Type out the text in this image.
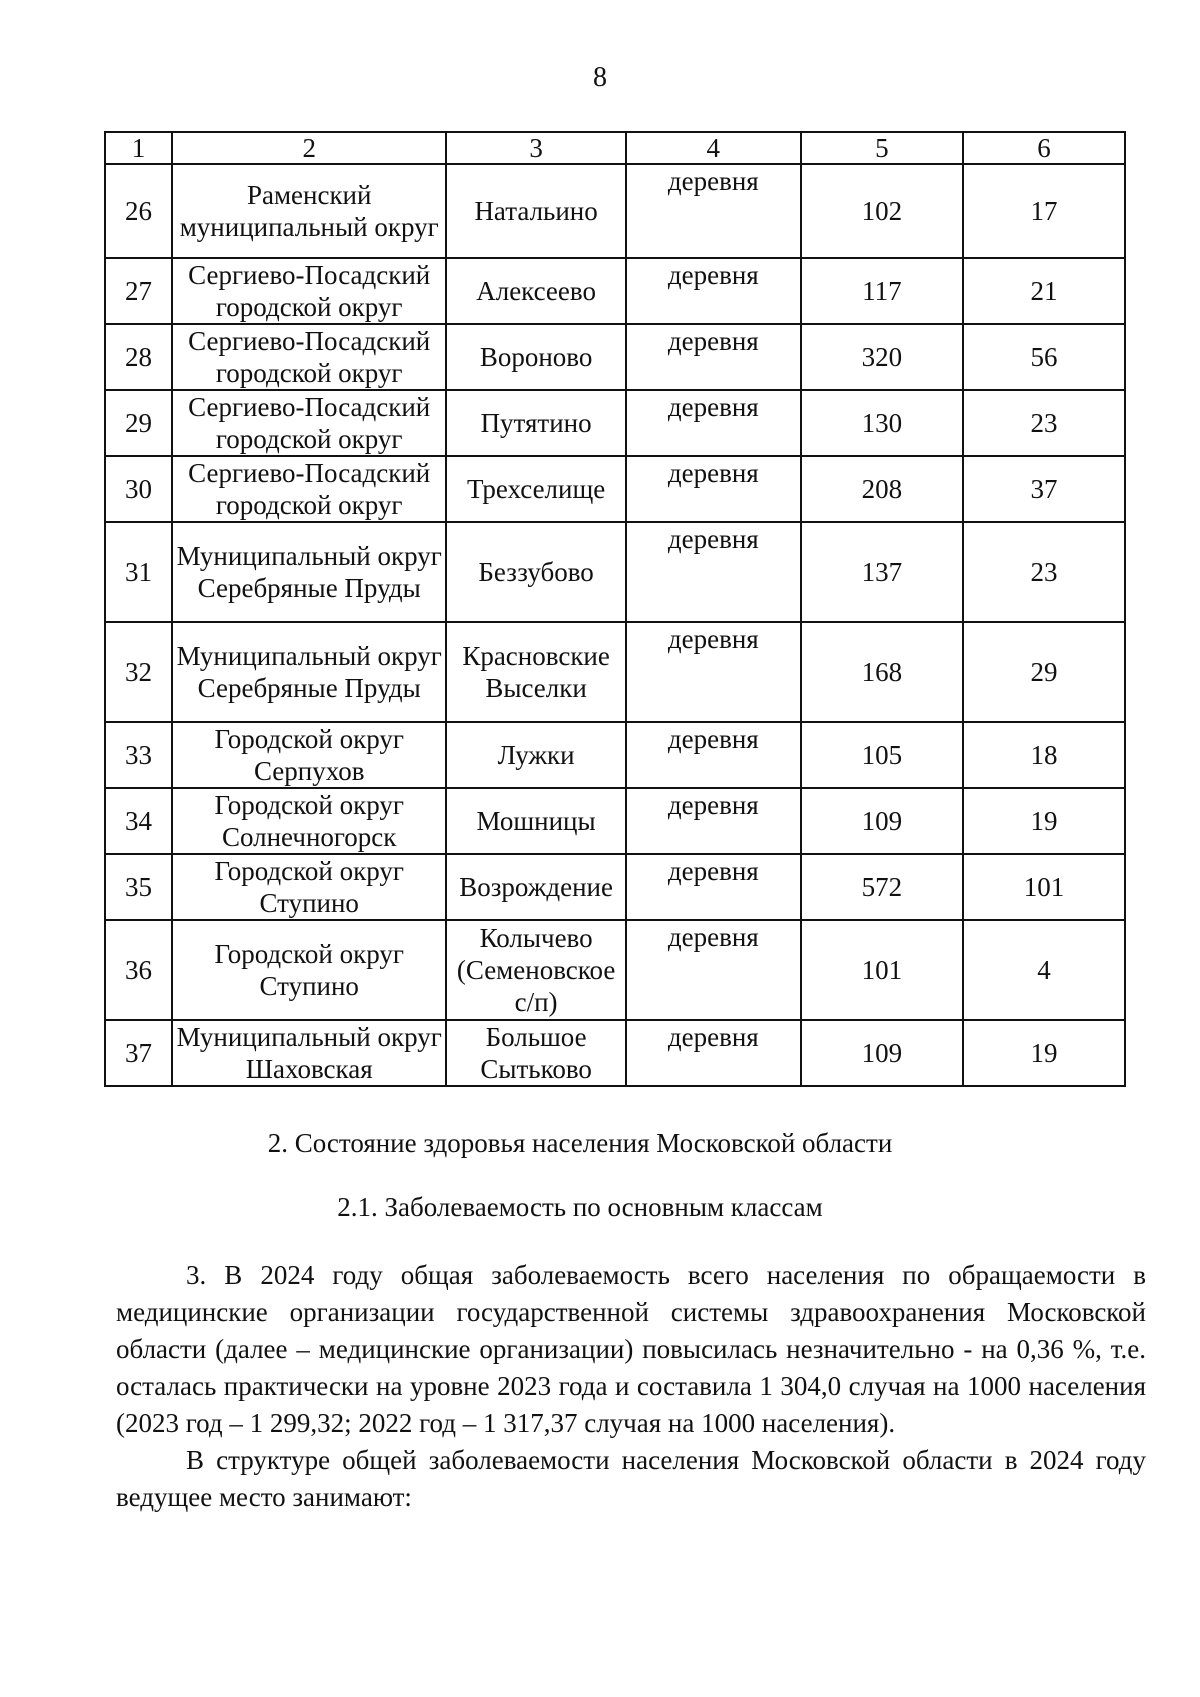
8
1	2	3	4	5	6
26	Раменский муниципальный округ	Натальино	деревня	102	17
27	Сергиево-Посадский городской округ	Алексеево	деревня	117	21
28	Сергиево-Посадский городской округ	Вороново	деревня	320	56
29	Сергиево-Посадский городской округ	Путятино	деревня	130	23
30	Сергиево-Посадский городской округ	Трехселище	деревня	208	37
31	Муниципальный округ Серебряные Пруды	Беззубово	деревня	137	23
32	Муниципальный округ Серебряные Пруды	Красновские Выселки	деревня	168	29
33	Городской округ Серпухов	Лужки	деревня	105	18
34	Городской округ Солнечногорск	Мошницы	деревня	109	19
35	Городской округ Ступино	Возрождение	деревня	572	101
36	Городской округ Ступино	Колычево (Семеновское с/п)	деревня	101	4
37	Муниципальный округ Шаховская	Большое Сытьково	деревня	109	19
2. Состояние здоровья населения Московской области
2.1. Заболеваемость по основным классам

3. В 2024 году общая заболеваемость всего населения по обращаемости в медицинские организации государственной системы здравоохранения Московской области (далее – медицинские организации) повысилась незначительно - на 0,36 %, т.е. осталась практически на уровне 2023 года и составила 1 304,0 случая на 1000 населения (2023 год – 1 299,32; 2022 год – 1 317,37 случая на 1000 населения).

В структуре общей заболеваемости населения Московской области в 2024 году ведущее место занимают:
